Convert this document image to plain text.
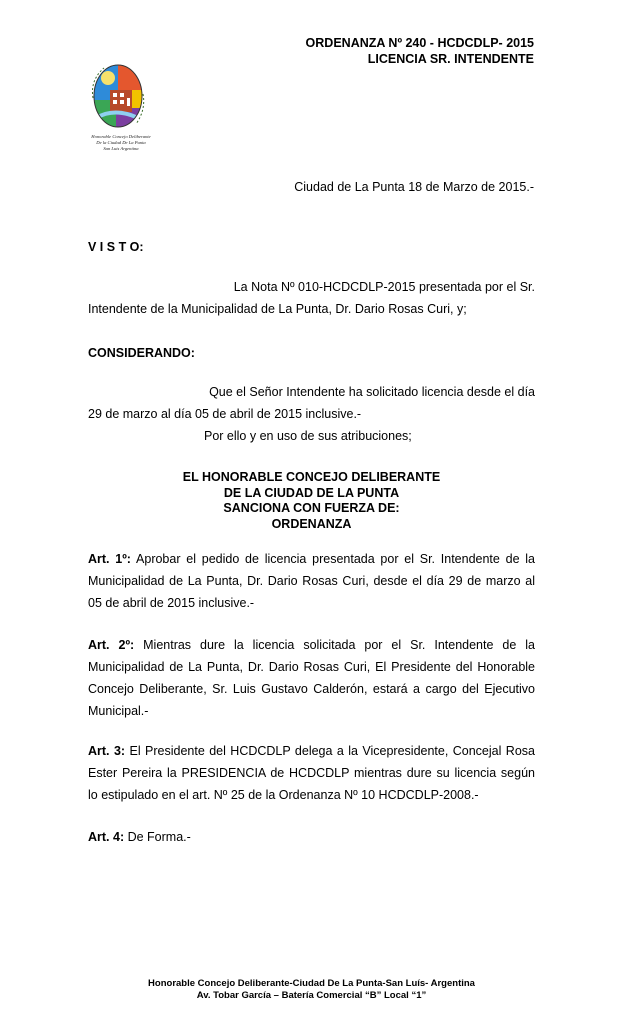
ORDENANZA Nº 240 - HCDCDLP- 2015
LICENCIA SR. INTENDENTE
Honorable Concejo Deliberante
De la Ciudad De La Punta
San Luis Argentina
Ciudad de La Punta 18 de Marzo de 2015.-
V I S T O:
La Nota Nº 010-HCDCDLP-2015 presentada por el Sr.
Intendente de la Municipalidad de La Punta, Dr. Dario Rosas Curi, y;
CONSIDERANDO:
Que el Señor Intendente ha solicitado licencia desde el día
29 de marzo al día 05 de abril de 2015 inclusive.-
Por ello y en uso de sus atribuciones;
EL HONORABLE CONCEJO DELIBERANTE
DE LA CIUDAD DE LA PUNTA
SANCIONA CON FUERZA DE:
ORDENANZA
Art. 1º: Aprobar el pedido de licencia presentada por el Sr. Intendente de la Municipalidad de La Punta, Dr. Dario Rosas Curi, desde el día 29 de marzo al 05 de abril de 2015 inclusive.-
Art. 2º: Mientras dure la licencia solicitada por el Sr. Intendente de la Municipalidad de La Punta, Dr. Dario Rosas Curi, El Presidente del Honorable Concejo Deliberante, Sr. Luis Gustavo Calderón, estará a cargo del Ejecutivo Municipal.-
Art. 3: El Presidente del HCDCDLP delega a la Vicepresidente, Concejal Rosa Ester Pereira la PRESIDENCIA de HCDCDLP mientras dure su licencia según lo estipulado en el art. Nº 25 de la Ordenanza Nº 10 HCDCDLP-2008.-
Art. 4: De Forma.-
Honorable Concejo Deliberante-Ciudad De La Punta-San Luís- Argentina
Av. Tobar García – Batería Comercial “B” Local “1”
